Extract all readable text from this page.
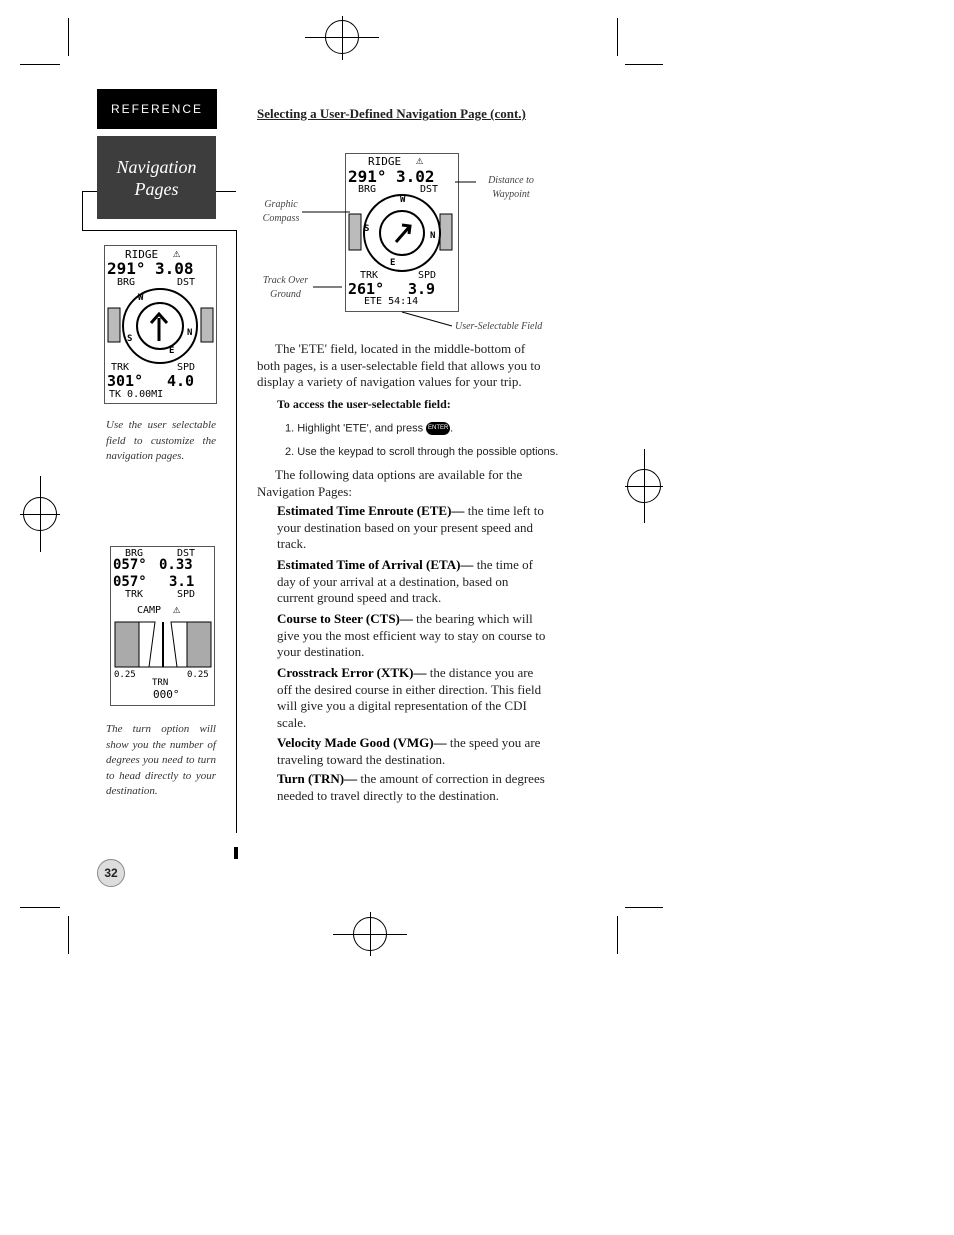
REFERENCE
Navigation
Pages
RIDGE ⚠
291° 3.08
BRG	DST
W
N
S
E
TRK	SPD
301° 4.0
TK 0.00MI
Use the user selectable field to customize the navigation pages.
BRG	DST
057° 0.33
057° 3.1
TRK	SPD
CAMP ⚠
0.25	0.25
TRN
000°
The turn option will show you the number of degrees you need to turn to head directly to your destination.
32
Selecting a User-Defined Navigation Page (cont.)
RIDGE ⚠
291° 3.02
BRG	DST
W
N
S
E
TRK	SPD
261° 3.9
ETE 54:14
Distance to
Waypoint
Graphic
Compass
Track Over
Ground
User-Selectable Field
The 'ETE' field, located in the middle-bottom of both pages, is a user-selectable field that allows you to display a variety of navigation values for your trip.
To access the user-selectable field:
1. Highlight 'ETE', and press ENTER .
2. Use the keypad to scroll through the possible options.
The following data options are available for the Navigation Pages:
Estimated Time Enroute (ETE)— the time left to your destination based on your present speed and track.
Estimated Time of Arrival (ETA)— the time of day of your arrival at a destination, based on current ground speed and track.
Course to Steer (CTS)— the bearing which will give you the most efficient way to stay on course to your destination.
Crosstrack Error (XTK)— the distance you are off the desired course in either direction. This field will give you a digital representation of the CDI scale.
Velocity Made Good (VMG)— the speed you are traveling toward the destination.
Turn (TRN)— the amount of correction in degrees needed to travel directly to the destination.
